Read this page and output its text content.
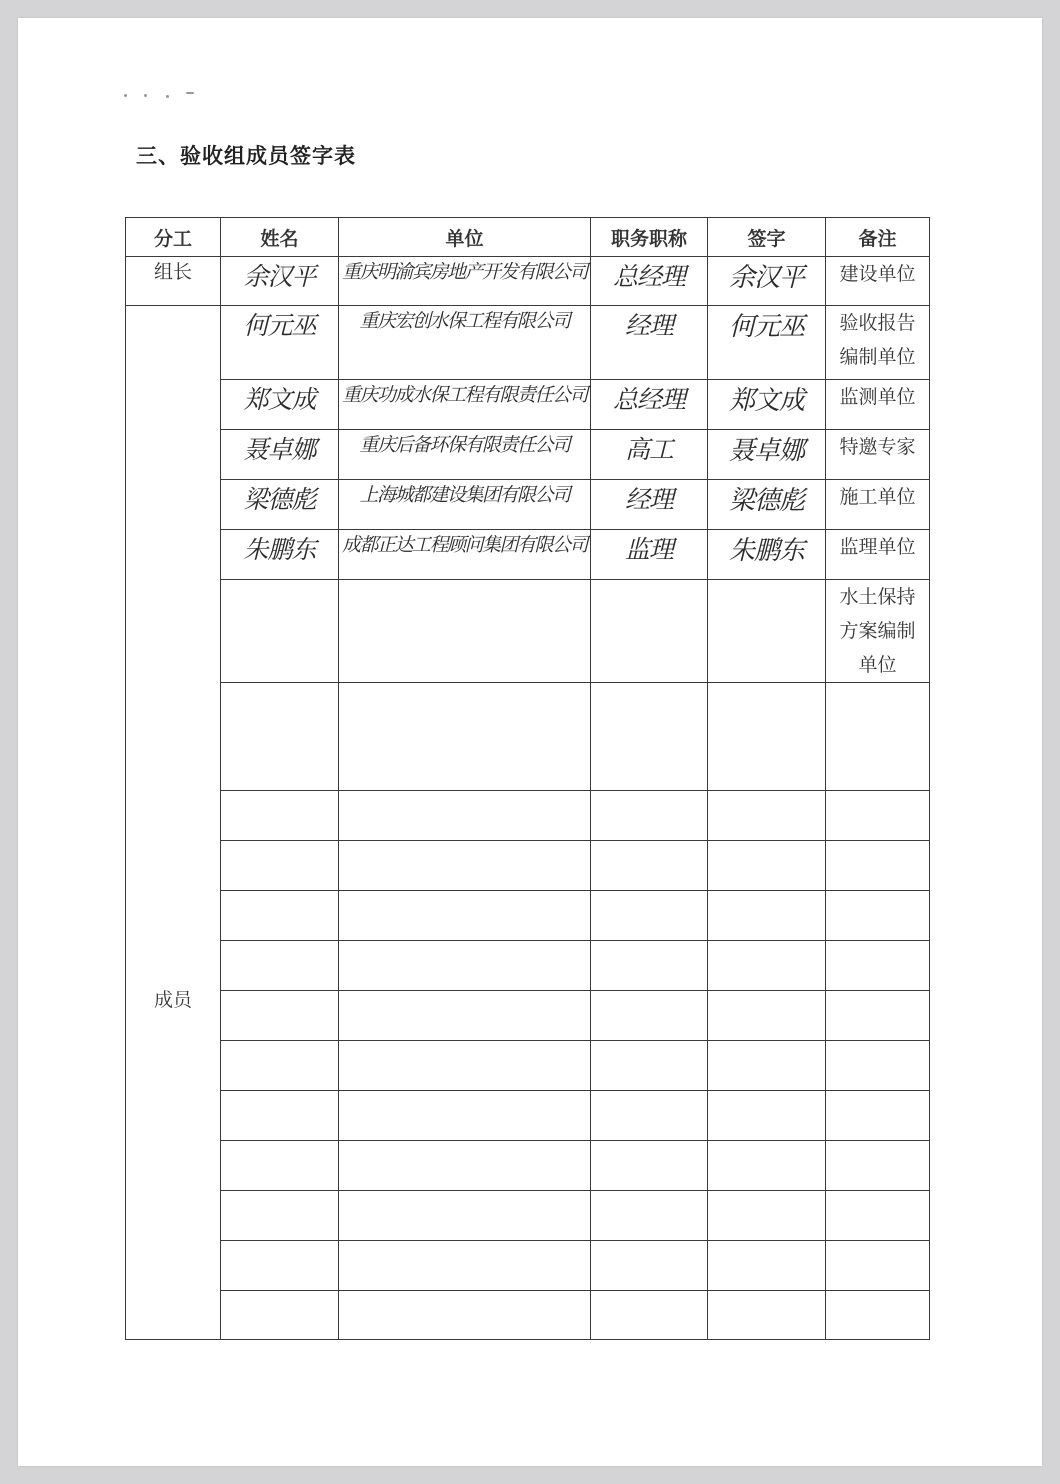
三、验收组成员签字表
分工	姓名	单位	职务职称	签字	备注
组长	余汉平	重庆明渝宾房地产开发有限公司	总经理	余汉平	建设单位

成员	何元巫	重庆宏创水保工程有限公司	经理	何元巫	验收报告
编制单位

	郑文成	重庆功成水保工程有限责任公司	总经理	郑文成	监测单位
	聂卓娜	重庆后备环保有限责任公司	高工	聂卓娜	特邀专家
	梁德彪	上海城都建设集团有限公司	经理	梁德彪	施工单位
	朱鹏东	成都正达工程顾问集团有限公司	监理	朱鹏东	监理单位

					水土保持
方案编制
单位
